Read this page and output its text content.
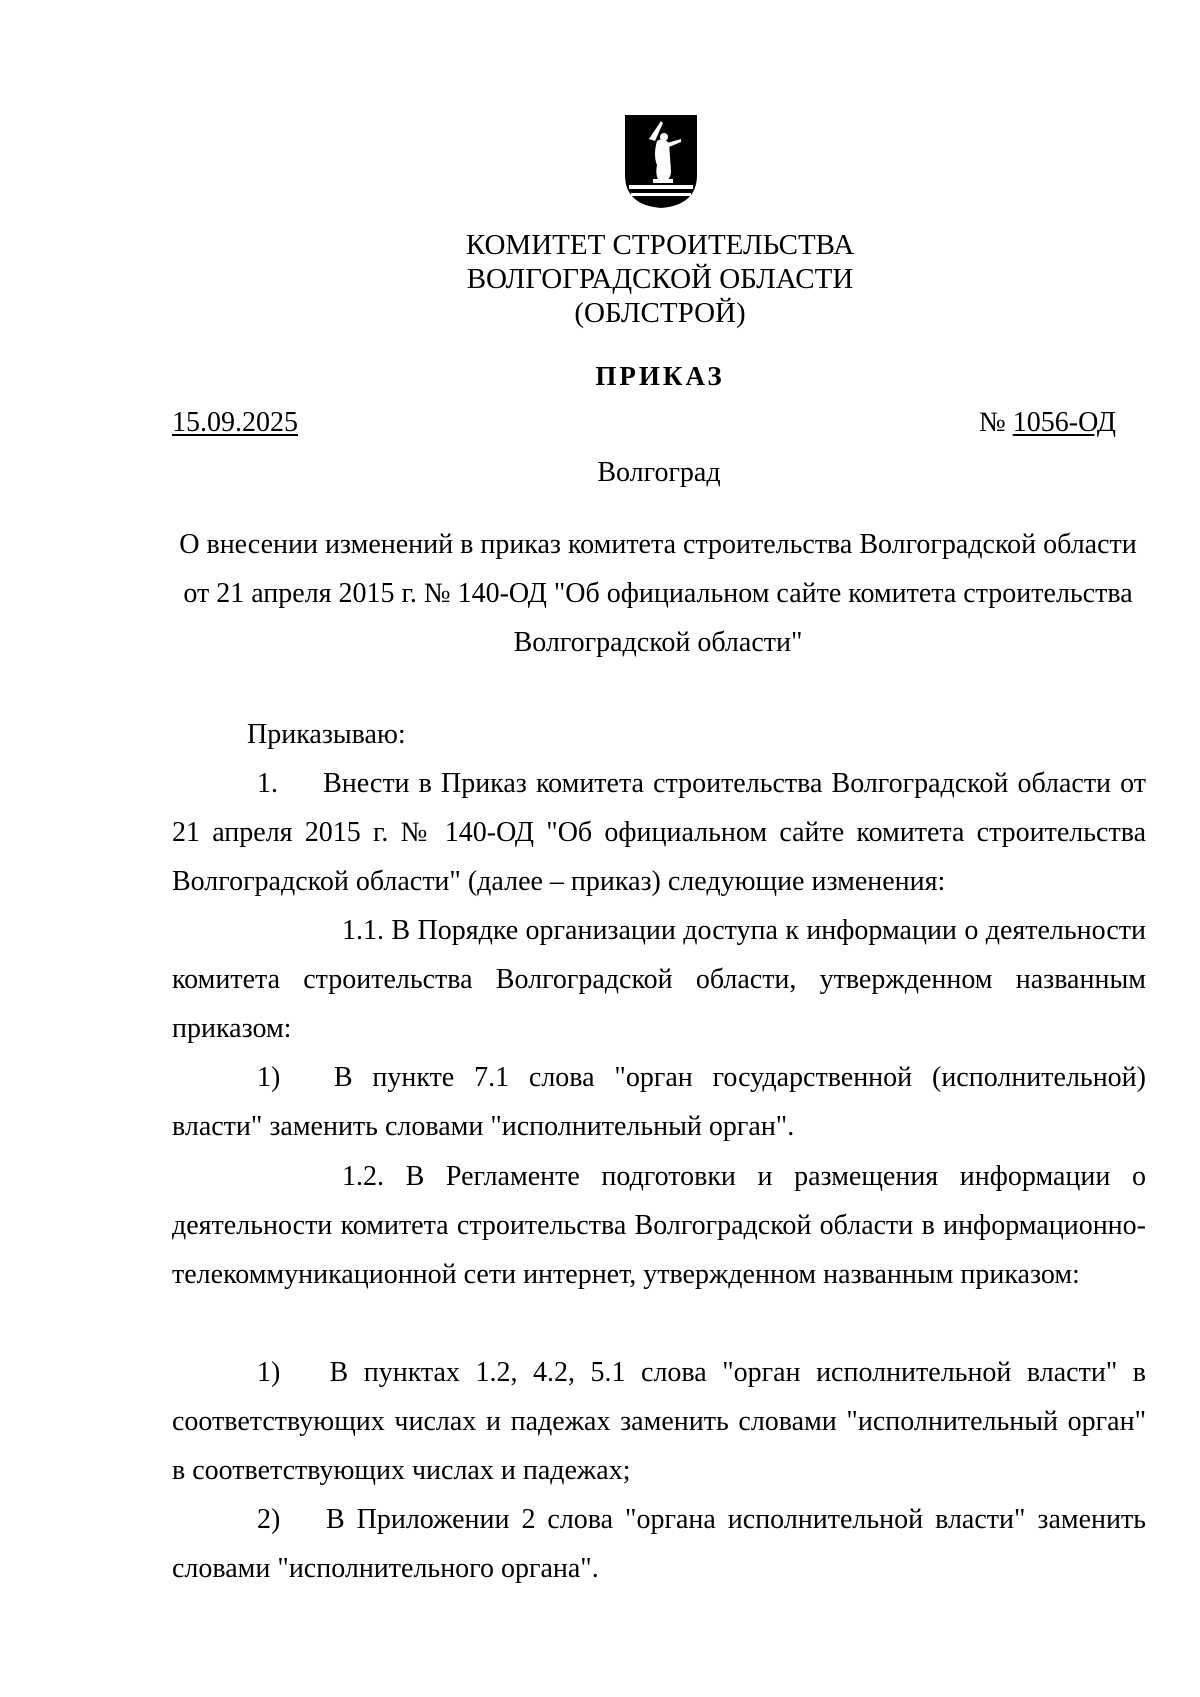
КОМИТЕТ СТРОИТЕЛЬСТВА
ВОЛГОГРАДСКОЙ ОБЛАСТИ
(ОБЛСТРОЙ)
ПРИКАЗ
15.09.2025	№ 1056-ОД
Волгоград
О внесении изменений в приказ комитета строительства Волгоградской области от 21 апреля 2015 г. № 140-ОД "Об официальном сайте комитета строительства Волгоградской области"
Приказываю:
1. Внести в Приказ комитета строительства Волгоградской области от 21 апреля 2015 г. № 140-ОД "Об официальном сайте комитета строительства Волгоградской области" (далее – приказ) следующие изменения:
1.1. В Порядке организации доступа к информации о деятельности комитета строительства Волгоградской области, утвержденном названным приказом:
1) В пункте 7.1 слова "орган государственной (исполнительной) власти" заменить словами "исполнительный орган".
1.2. В Регламенте подготовки и размещения информации о деятельности комитета строительства Волгоградской области в информационно-телекоммуникационной сети интернет, утвержденном названным приказом:
1) В пунктах 1.2, 4.2, 5.1 слова "орган исполнительной власти" в соответствующих числах и падежах заменить словами "исполнительный орган" в соответствующих числах и падежах;
2) В Приложении 2 слова "органа исполнительной власти" заменить словами "исполнительного органа".
